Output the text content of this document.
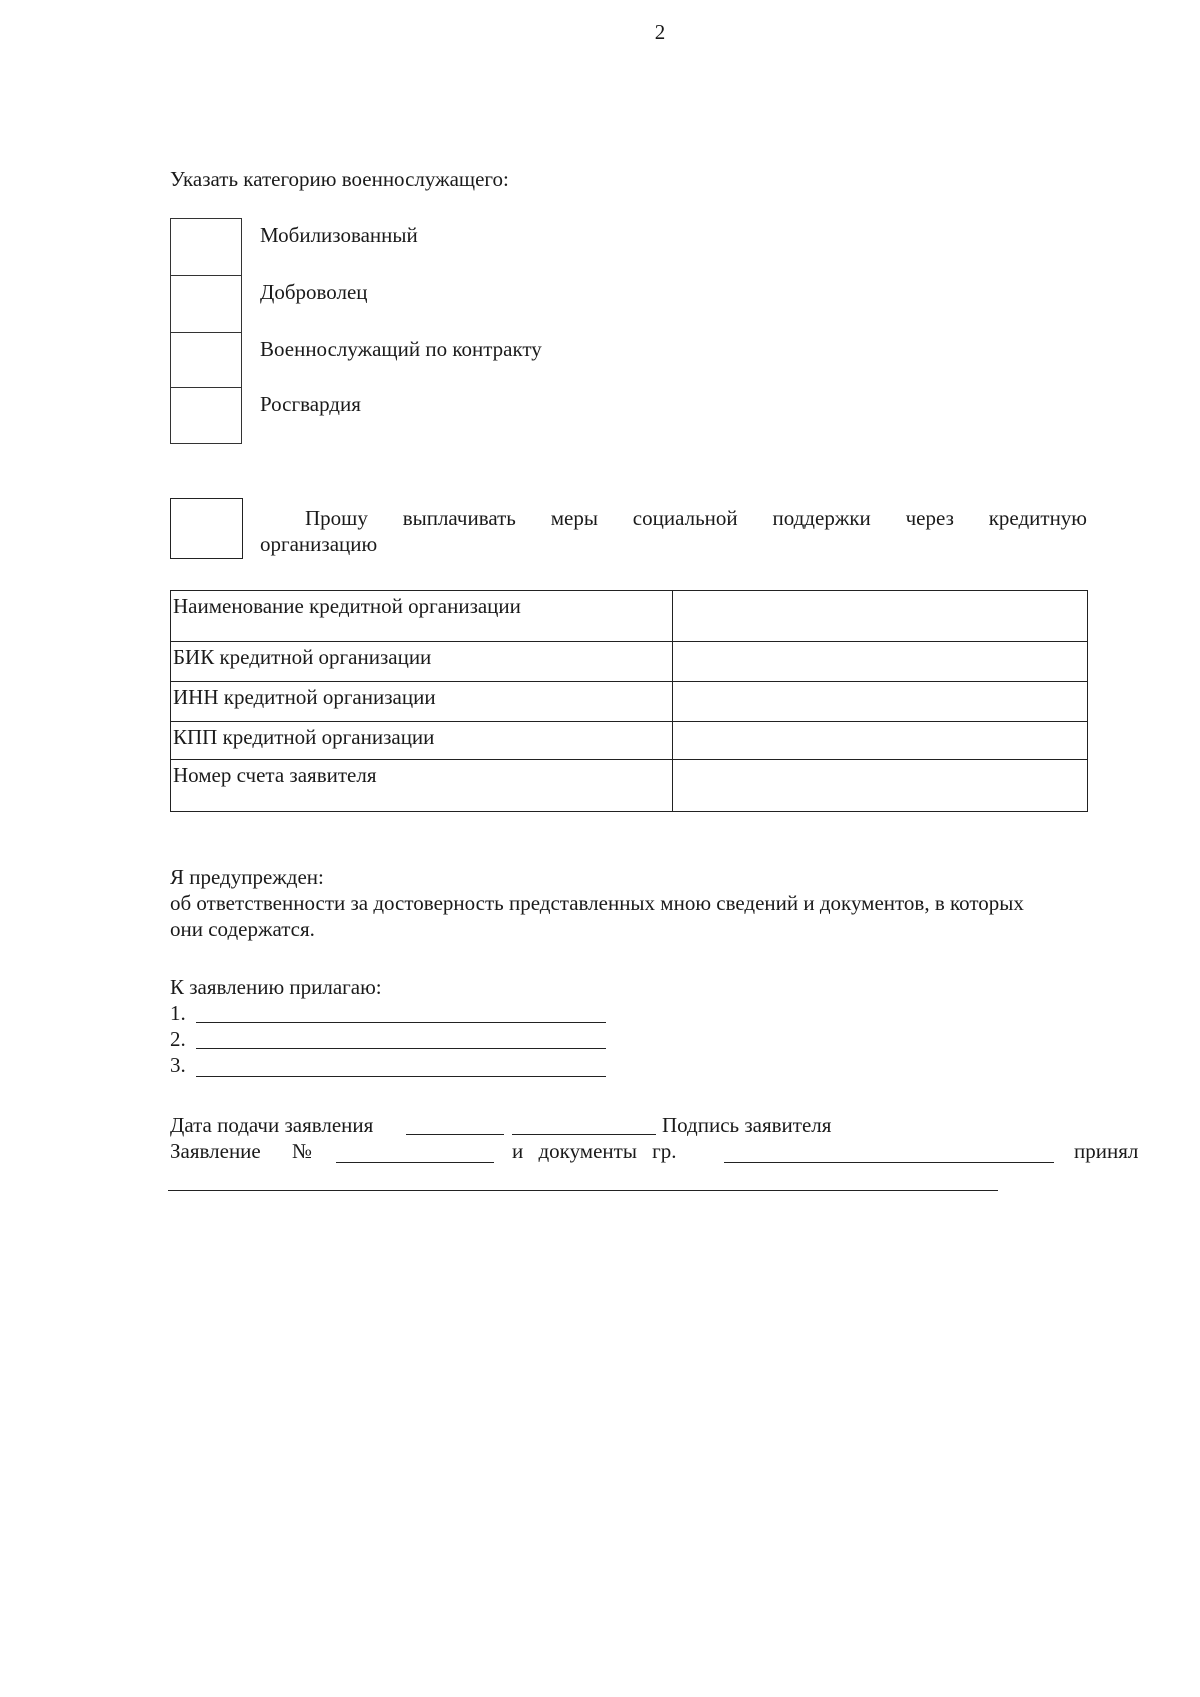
2
Указать категорию военнослужащего:
Мобилизованный
Доброволец
Военнослужащий по контракту
Росгвардия
Прошу выплачивать меры социальной поддержки через кредитную
организацию
Наименование кредитной организации	
БИК кредитной организации	
ИНН кредитной организации	
КПП кредитной организации	
Номер счета заявителя	
Я предупрежден:
об ответственности за достоверность представленных мною сведений и документов, в которых
они содержатся.
К заявлению прилагаю:
1.
2.
3.
Дата подачи заявления	Подпись заявителя
Заявление №	и документы гр.	принял
